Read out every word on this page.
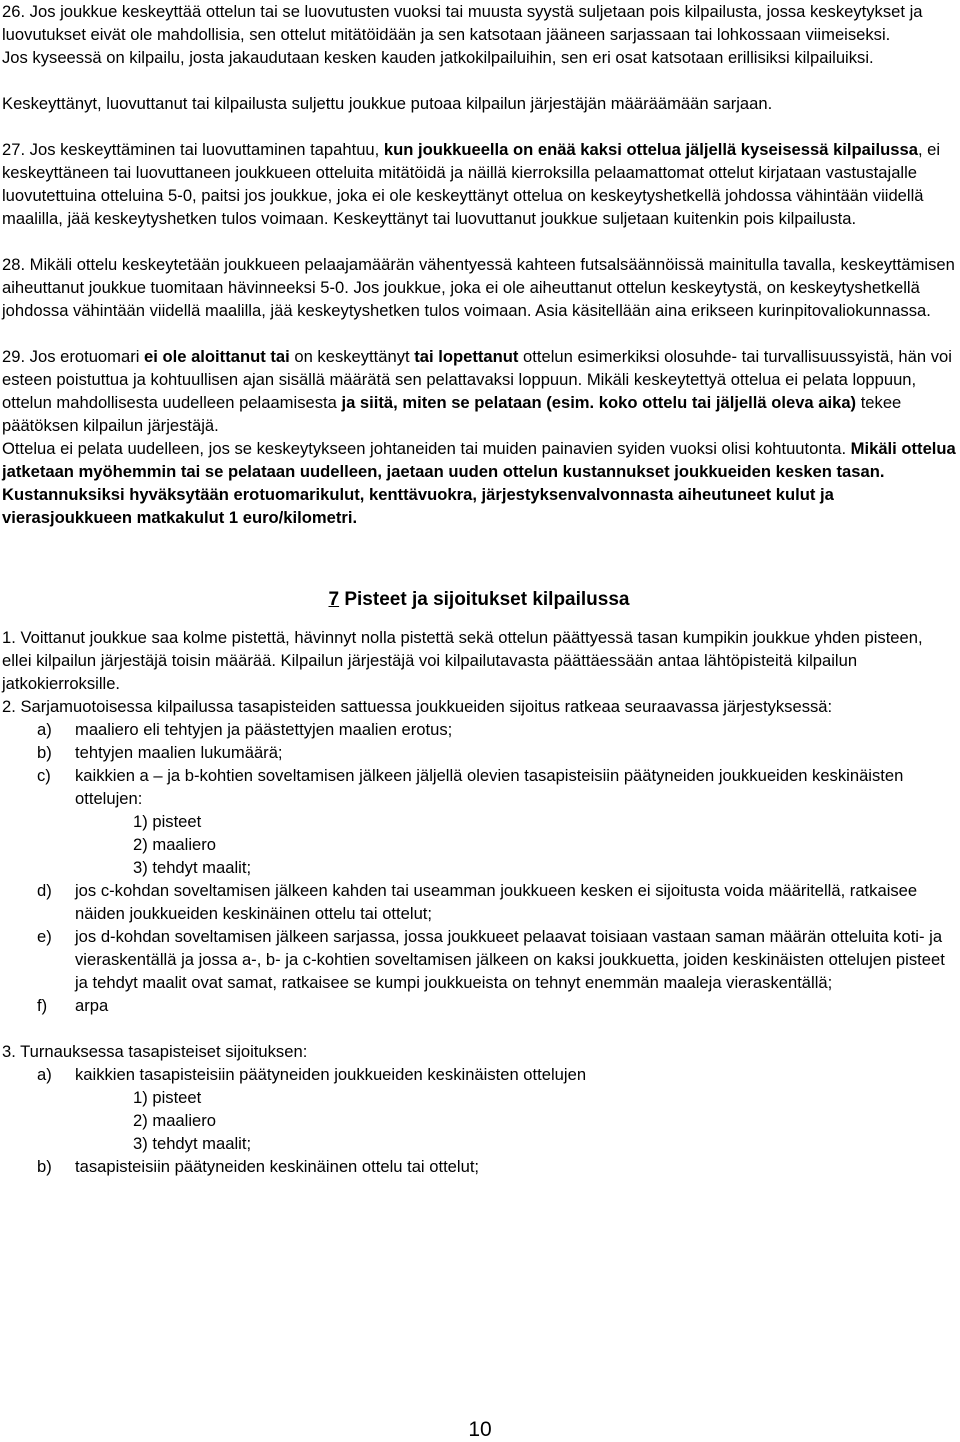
26. Jos joukkue keskeyttää ottelun tai se luovutusten vuoksi tai muusta syystä suljetaan pois kilpailusta, jossa keskeytykset ja luovutukset eivät ole mahdollisia, sen ottelut mitätöidään ja sen katsotaan jääneen sarjassaan tai lohkossaan viimeiseksi.

Jos kyseessä on kilpailu, josta jakaudutaan kesken kauden jatkokilpailuihin, sen eri osat katsotaan erillisiksi kilpailuiksi.

Keskeyttänyt, luovuttanut tai kilpailusta suljettu joukkue putoaa kilpailun järjestäjän määräämään sarjaan.

27. Jos keskeyttäminen tai luovuttaminen tapahtuu, kun joukkueella on enää kaksi ottelua jäljellä kyseisessä kilpailussa, ei keskeyttäneen tai luovuttaneen joukkueen otteluita mitätöidä ja näillä kierroksilla pelaamattomat ottelut kirjataan vastustajalle luovutettuina otteluina 5-0, paitsi jos joukkue, joka ei ole keskeyttänyt ottelua on keskeytyshetkellä johdossa vähintään viidellä maalilla, jää keskeytyshetken tulos voimaan. Keskeyttänyt tai luovuttanut joukkue suljetaan kuitenkin pois kilpailusta.

28. Mikäli ottelu keskeytetään joukkueen pelaajamäärän vähentyessä kahteen futsalsäännöissä mainitulla tavalla, keskeyttämisen aiheuttanut joukkue tuomitaan hävinneeksi 5-0. Jos joukkue, joka ei ole aiheuttanut ottelun keskeytystä, on keskeytyshetkellä johdossa vähintään viidellä maalilla, jää keskeytyshetken tulos voimaan. Asia käsitellään aina erikseen kurinpitovaliokunnassa.

29. Jos erotuomari ei ole aloittanut tai on keskeyttänyt tai lopettanut ottelun esimerkiksi olosuhde- tai turvallisuussyistä, hän voi esteen poistuttua ja kohtuullisen ajan sisällä määrätä sen pelattavaksi loppuun. Mikäli keskeytettyä ottelua ei pelata loppuun, ottelun mahdollisesta uudelleen pelaamisesta ja siitä, miten se pelataan (esim. koko ottelu tai jäljellä oleva aika) tekee päätöksen kilpailun järjestäjä.

Ottelua ei pelata uudelleen, jos se keskeytykseen johtaneiden tai muiden painavien syiden vuoksi olisi kohtuutonta. Mikäli ottelua jatketaan myöhemmin tai se pelataan uudelleen, jaetaan uuden ottelun kustannukset joukkueiden kesken tasan. Kustannuksiksi hyväksytään erotuomarikulut, kenttävuokra, järjestyksenvalvonnasta aiheutuneet kulut ja vierasjoukkueen matkakulut 1 euro/kilometri.

7 Pisteet ja sijoitukset kilpailussa

1. Voittanut joukkue saa kolme pistettä, hävinnyt nolla pistettä sekä ottelun päättyessä tasan kumpikin joukkue yhden pisteen, ellei kilpailun järjestäjä toisin määrää. Kilpailun järjestäjä voi kilpailutavasta päättäessään antaa lähtöpisteitä kilpailun jatkokierroksille.

2. Sarjamuotoisessa kilpailussa tasapisteiden sattuessa joukkueiden sijoitus ratkeaa seuraavassa järjestyksessä:

a)	maaliero eli tehtyjen ja päästettyjen maalien erotus;
b)	tehtyjen maalien lukumäärä;
c)	kaikkien a – ja b-kohtien soveltamisen jälkeen jäljellä olevien tasapisteisiin päätyneiden joukkueiden keskinäisten ottelujen:
1) pisteet
2) maaliero
3) tehdyt maalit;
d)	jos c-kohdan soveltamisen jälkeen kahden tai useamman joukkueen kesken ei sijoitusta voida määritellä, ratkaisee näiden joukkueiden keskinäinen ottelu tai ottelut;
e)	jos d-kohdan soveltamisen jälkeen sarjassa, jossa joukkueet pelaavat toisiaan vastaan saman määrän otteluita koti- ja vieraskentällä ja jossa a-, b- ja c-kohtien soveltamisen jälkeen on kaksi joukkuetta, joiden keskinäisten ottelujen pisteet ja tehdyt maalit ovat samat, ratkaisee se kumpi joukkueista on tehnyt enemmän maaleja vieraskentällä;
f)	arpa

3. Turnauksessa tasapisteiset sijoituksen:

a)	kaikkien tasapisteisiin päätyneiden joukkueiden keskinäisten ottelujen
1) pisteet
2) maaliero
3) tehdyt maalit;
b)	tasapisteisiin päätyneiden keskinäinen ottelu tai ottelut;
10
